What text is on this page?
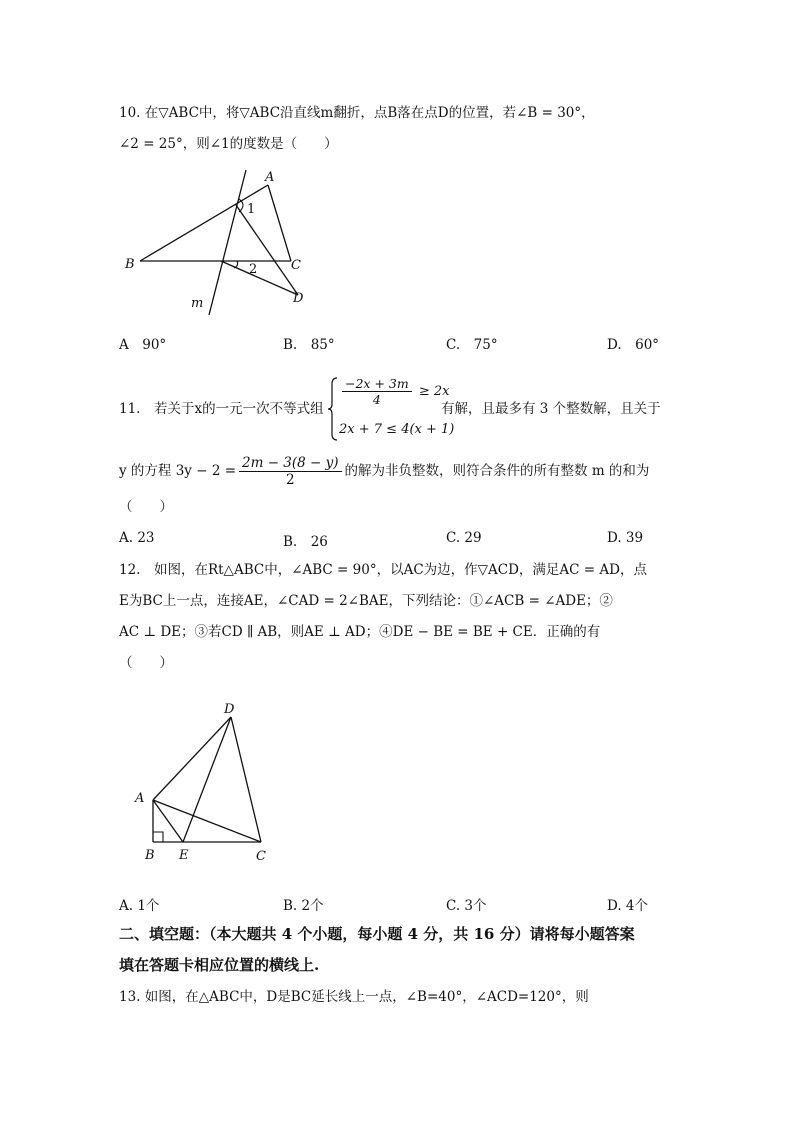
10. 在▽ABC中，将▽ABC沿直线m翻折，点B落在点D的位置，若∠B = 30°，
∠2 = 25°，则∠1的度数是（　　）
A
B	C
D
m
1
2
A　90°	B.　85°	C.　75°	D.　60°
11.　若关于x的一元一次不等式组
$\frac{-2x + 3m}{4} \ge 2x$
2x + 7 ≤ 4(x + 1)
有解，且最多有 3 个整数解，且关于
y 的方程 $3y - 2 = \frac{2m - 3(8 - y)}{2}$ 的解为非负整数，则符合条件的所有整数 m 的和为
（　　）
A. 23	B.　26	C. 29	D. 39
12.　如图，在Rt△ABC中，∠ABC = 90°，以AC为边，作▽ACD，满足AC = AD，点
E为BC上一点，连接AE，∠CAD = 2∠BAE，下列结论：①∠ACB = ∠ADE；②
AC ⊥ DE；③若CD ∥ AB，则AE ⊥ AD；④DE − BE = BE + CE．正确的有
（　　）
A
B E	C
D
A. 1个	B. 2个	C. 3个	D. 4个
二、填空题：（本大题共 4 个小题，每小题 4 分，共 16 分）请将每小题答案
填在答题卡相应位置的横线上.
13. 如图，在△ABC中，D是BC延长线上一点，∠B=40°，∠ACD=120°，则
